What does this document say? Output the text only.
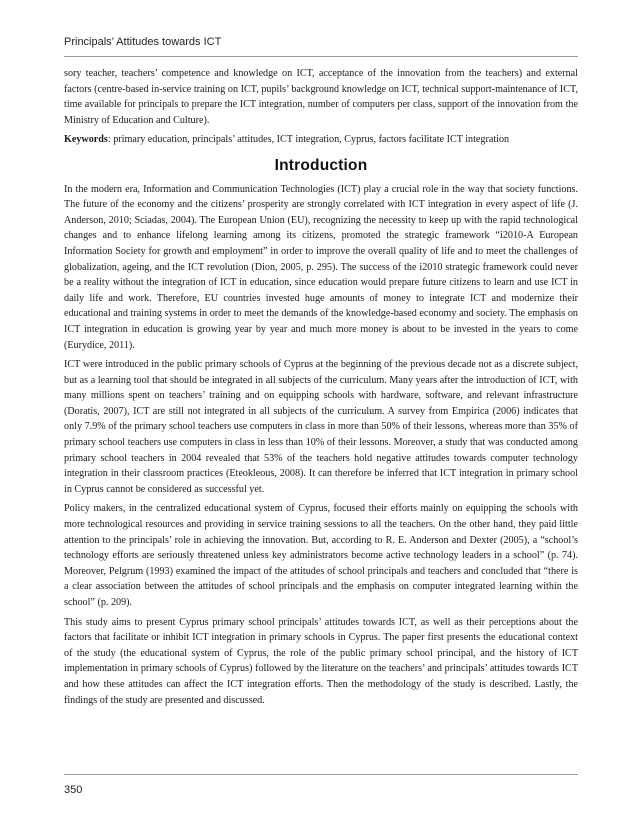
Principals’ Attitudes towards ICT

sory teacher, teachers’ competence and knowledge on ICT, acceptance of the innovation from the teachers) and external factors (centre-based in-service training on ICT, pupils’ background knowledge on ICT, technical support-maintenance of ICT, time available for principals to prepare the ICT integration, number of computers per class, support of the innovation from the Ministry of Education and Culture).

Keywords: primary education, principals’ attitudes, ICT integration, Cyprus, factors facilitate ICT integration

Introduction

In the modern era, Information and Communication Technologies (ICT) play a crucial role in the way that society functions. The future of the economy and the citizens’ prosperity are strongly correlated with ICT integration in every aspect of life (J. Anderson, 2010; Sciadas, 2004). The European Union (EU), recognizing the necessity to keep up with the rapid technological changes and to enhance lifelong learning among its citizens, promoted the strategic framework “i2010-A European Information Society for growth and employment” in order to improve the overall quality of life and to meet the challenges of globalization, ageing, and the ICT revolution (Dion, 2005, p. 295). The success of the i2010 strategic framework could never be a reality without the integration of ICT in education, since education would prepare future citizens to learn and use ICT in daily life and work. Therefore, EU countries invested huge amounts of money to integrate ICT and modernize their educational and training systems in order to meet the demands of the knowledge-based economy and society. The emphasis on ICT integration in education is growing year by year and much more money is about to be invested in the years to come (Eurydice, 2011).

ICT were introduced in the public primary schools of Cyprus at the beginning of the previous decade not as a discrete subject, but as a learning tool that should be integrated in all subjects of the curriculum. Many years after the introduction of ICT, with many millions spent on teachers’ training and on equipping schools with hardware, software, and relevant infrastructure (Doratis, 2007), ICT are still not integrated in all subjects of the curriculum. A survey from Empirica (2006) indicates that only 7.9% of the primary school teachers use computers in class in more than 50% of their lessons, whereas more than 35% of primary school teachers use computers in class in less than 10% of their lessons. Moreover, a study that was conducted among primary school teachers in 2004 revealed that 53% of the teachers hold negative attitudes towards computer technology integration in their classroom practices (Eteokleous, 2008). It can therefore be inferred that ICT integration in primary school in Cyprus cannot be considered as successful yet.

Policy makers, in the centralized educational system of Cyprus, focused their efforts mainly on equipping the schools with more technological resources and providing in service training sessions to all the teachers. On the other hand, they paid little attention to the principals’ role in achieving the innovation. But, according to R. E. Anderson and Dexter (2005), a “school’s technology efforts are seriously threatened unless key administrators become active technology leaders in a school” (p. 74). Moreover, Pelgrum (1993) examined the impact of the attitudes of school principals and teachers and concluded that “there is a clear association between the attitudes of school principals and the emphasis on computer integrated learning within the school” (p. 209).

This study aims to present Cyprus primary school principals’ attitudes towards ICT, as well as their perceptions about the factors that facilitate or inhibit ICT integration in primary schools in Cyprus. The paper first presents the educational context of the study (the educational system of Cyprus, the role of the public primary school principal, and the history of ICT implementation in primary schools of Cyprus) followed by the literature on the teachers’ and principals’ attitudes towards ICT and how these attitudes can affect the ICT integration efforts. Then the methodology of the study is described. Lastly, the findings of the study are presented and discussed.

350
